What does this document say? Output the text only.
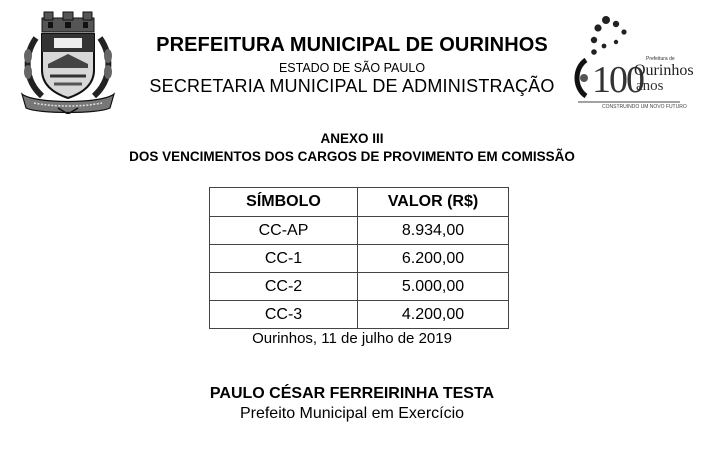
100 Prefeitura de
Ourinhos
anos
CONSTRUINDO UM NOVO FUTURO
PREFEITURA MUNICIPAL DE OURINHOS
ESTADO DE SÃO PAULO
SECRETARIA MUNICIPAL DE ADMINISTRAÇÃO
ANEXO III
DOS VENCIMENTOS DOS CARGOS DE PROVIMENTO EM COMISSÃO
SÍMBOLO	VALOR (R$)
CC-AP	8.934,00
CC-1	6.200,00
CC-2	5.000,00
CC-3	4.200,00
Ourinhos, 11 de julho de 2019
PAULO CÉSAR FERREIRINHA TESTA
Prefeito Municipal em Exercício
